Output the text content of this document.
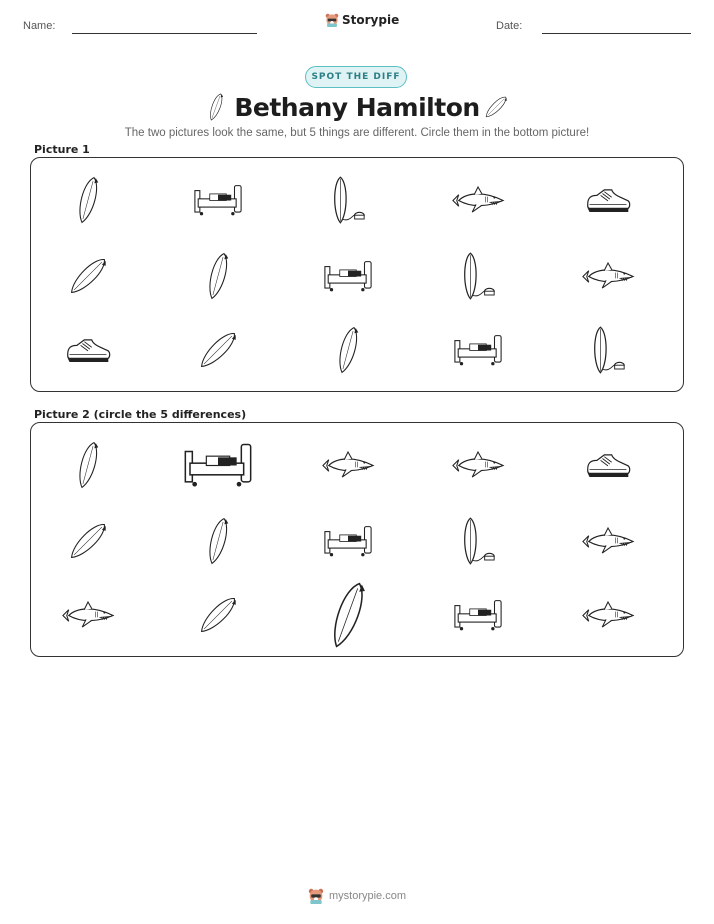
Name:	Storypie	Date:
SPOT THE DIFF
Bethany Hamilton
The two pictures look the same, but 5 things are different. Circle them in the bottom picture!
Picture 1
Picture 2 (circle the 5 differences)
mystorypie.com
